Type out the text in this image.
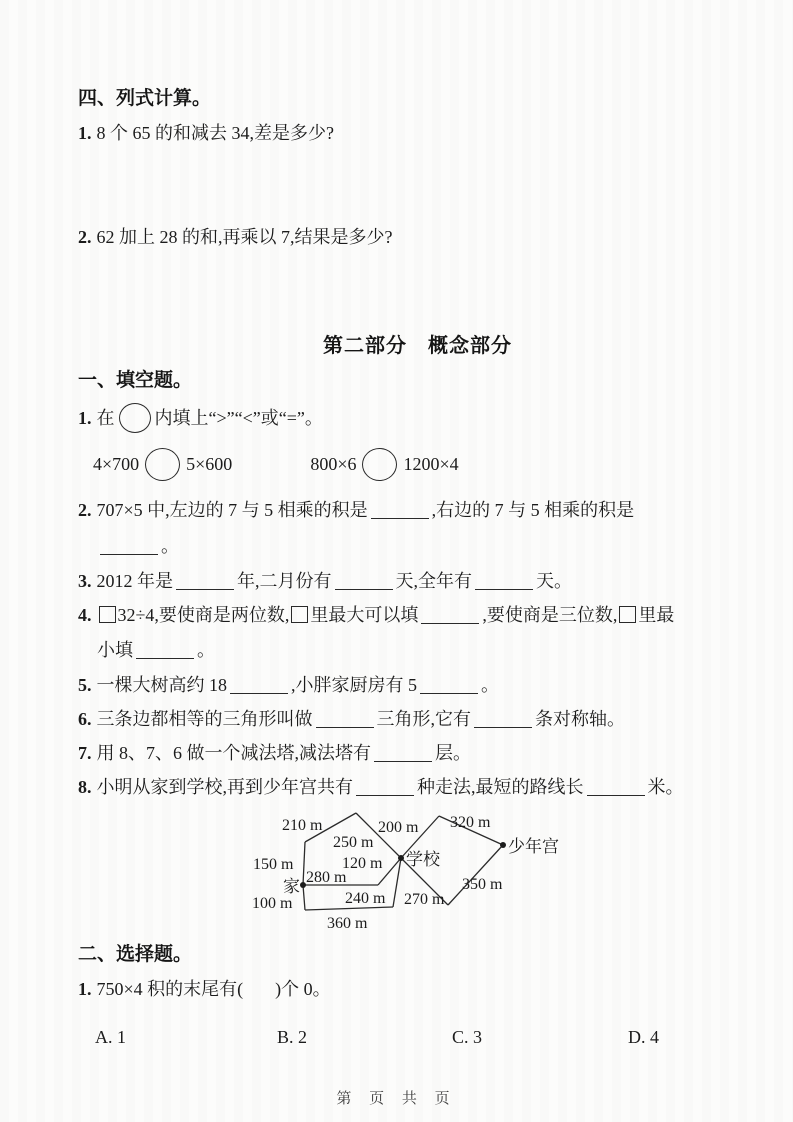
四、列式计算。

1. 8 个 65 的和减去 34,差是多少?

2. 62 加上 28 的和,再乘以 7,结果是多少?

第二部分　概念部分
一、填空题。

1. 在 内填上“>”“<”或“=”。

4×700	5×600	800×6	1200×4
2. 707×5 中,左边的 7 与 5 相乘的积是	,右边的 7 与 5 相乘的积是
。

3. 2012 年是	年,二月份有	天,全年有	天。

4. 32÷4,要使商是两位数, 里最大可以填	,要使商是三位数, 里最
小填	。

5. 一棵大树高约 18	,小胖家厨房有 5	。

6. 三条边都相等的三角形叫做	三角形,它有	条对称轴。

7. 用 8、7、6 做一个减法塔,减法塔有	层。

8. 小明从家到学校,再到少年宫共有	种走法,最短的路线长	米。

210 m	200 m 320 m
250 m
150 m	120 m
280 m
100 m	240 m 270 m
350 m
360 m
家
学校
少年宫
二、选择题。

1. 750×4 积的末尾有( )个 0。

A. 1	B. 2	C. 3	D. 4
第 页 共 页
